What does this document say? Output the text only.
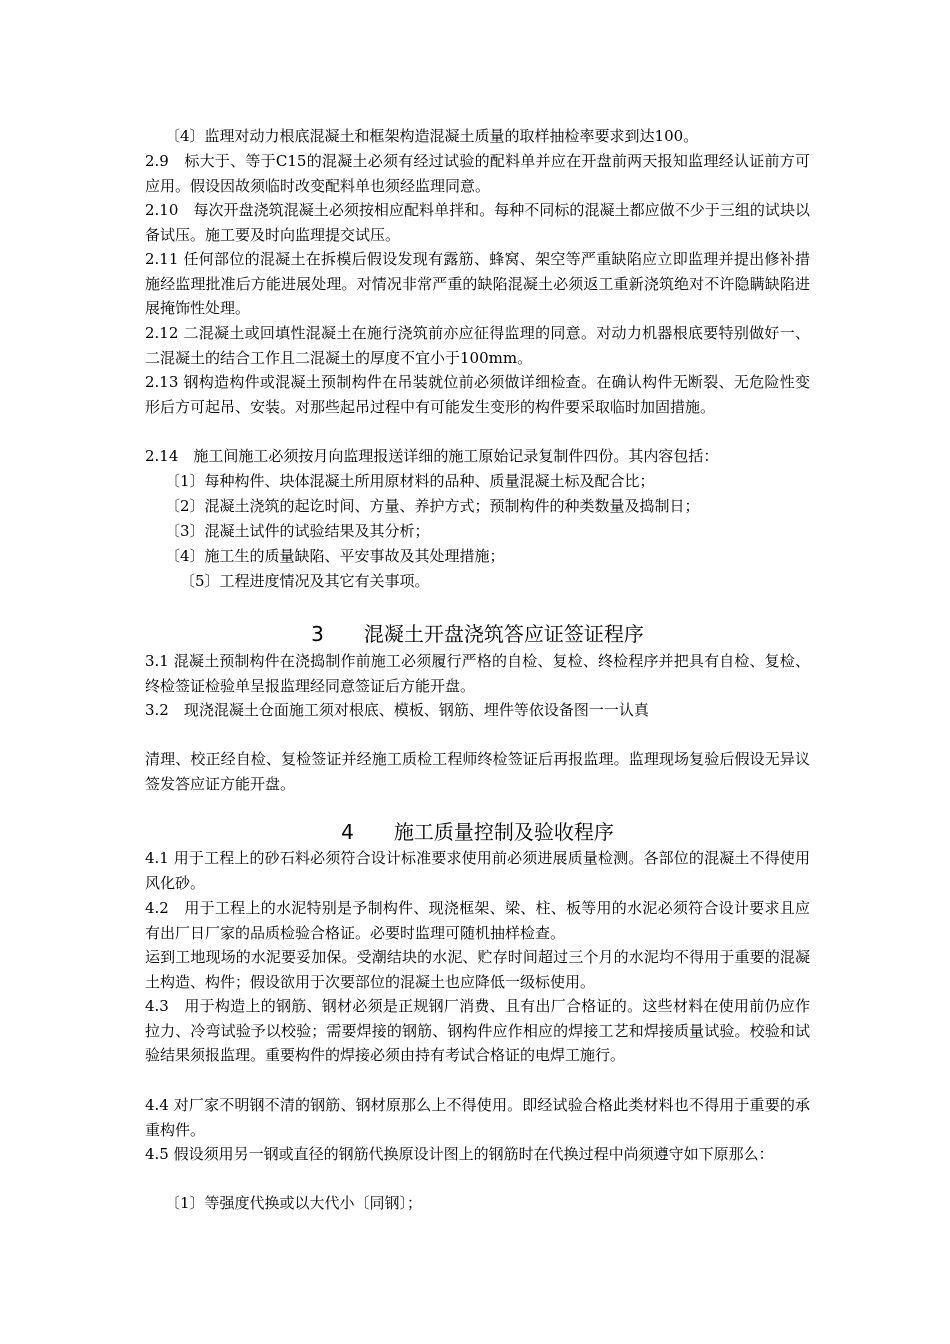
〔4〕监理对动力根底混凝土和框架构造混凝土质量的取样抽检率要求到达100。

2.9　标大于、等于C15的混凝土必须有经过试验的配料单并应在开盘前两天报知监理经认证前方可应用。假设因故须临时改变配料单也须经监理同意。

2.10　每次开盘浇筑混凝土必须按相应配料单拌和。每种不同标的混凝土都应做不少于三组的试块以备试压。施工要及时向监理提交试压。

2.11 任何部位的混凝土在拆模后假设发现有露筋、蜂窝、架空等严重缺陷应立即监理并提出修补措施经监理批准后方能进展处理。对情况非常严重的缺陷混凝土必须返工重新浇筑绝对不许隐瞒缺陷进展掩饰性处理。

2.12 二混凝土或回填性混凝土在施行浇筑前亦应征得监理的同意。对动力机器根底要特别做好一、二混凝土的结合工作且二混凝土的厚度不宜小于100mm。

2.13 钢构造构件或混凝土预制构件在吊装就位前必须做详细检查。在确认构件无断裂、无危险性变形后方可起吊、安装。对那些起吊过程中有可能发生变形的构件要采取临时加固措施。

2.14　施工间施工必须按月向监理报送详细的施工原始记录复制件四份。其内容包括：

〔1〕每种构件、块体混凝土所用原材料的品种、质量混凝土标及配合比；

〔2〕混凝土浇筑的起讫时间、方量、养护方式；预制构件的种类数量及捣制日；

〔3〕混凝土试件的试验结果及其分析；

〔4〕施工生的质量缺陷、平安事故及其处理措施；

〔5〕工程进度情况及其它有关事项。

3　　混凝土开盘浇筑答应证签证程序

3.1 混凝土预制构件在浇捣制作前施工必须履行严格的自检、复检、终检程序并把具有自检、复检、终检签证检验单呈报监理经同意签证后方能开盘。

3.2　现浇混凝土仓面施工须对根底、模板、钢筋、埋件等依设备图一一认真

清理、校正经自检、复检签证并经施工质检工程师终检签证后再报监理。监理现场复验后假设无异议签发答应证方能开盘。

4　　施工质量控制及验收程序

4.1 用于工程上的砂石料必须符合设计标准要求使用前必须进展质量检测。各部位的混凝土不得使用风化砂。

4.2　用于工程上的水泥特别是予制构件、现浇框架、梁、柱、板等用的水泥必须符合设计要求且应有出厂日厂家的品质检验合格证。必要时监理可随机抽样检查。

运到工地现场的水泥要妥加保。受潮结块的水泥、贮存时间超过三个月的水泥均不得用于重要的混凝土构造、构件；假设欲用于次要部位的混凝土也应降低一级标使用。

4.3　用于构造上的钢筋、钢材必须是正规钢厂消费、且有出厂合格证的。这些材料在使用前仍应作拉力、冷弯试验予以校验；需要焊接的钢筋、钢构件应作相应的焊接工艺和焊接质量试验。校验和试验结果须报监理。重要构件的焊接必须由持有考试合格证的电焊工施行。

4.4 对厂家不明钢不清的钢筋、钢材原那么上不得使用。即经试验合格此类材料也不得用于重要的承重构件。

4.5 假设须用另一钢或直径的钢筋代换原设计图上的钢筋时在代换过程中尚须遵守如下原那么：

〔1〕等强度代换或以大代小〔同钢〕；
